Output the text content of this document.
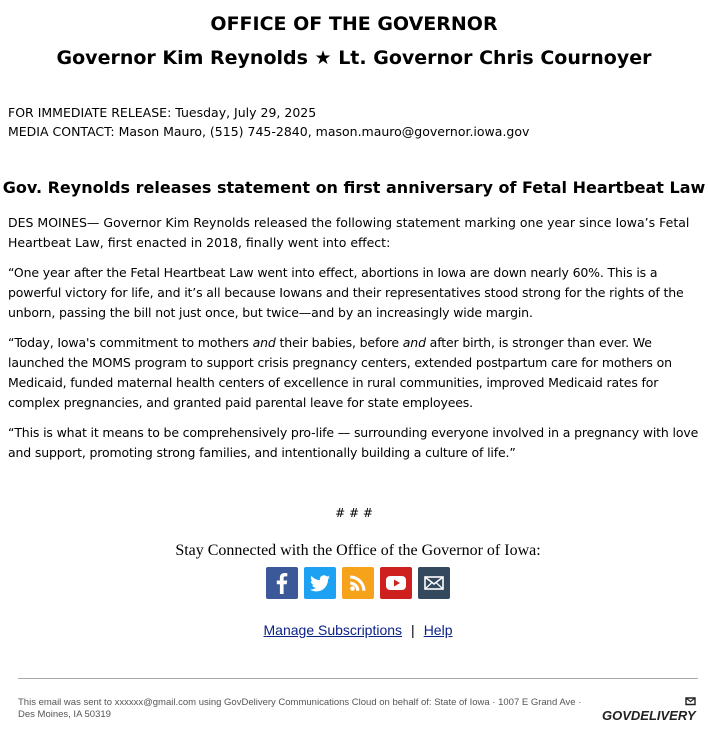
OFFICE OF THE GOVERNOR

Governor Kim Reynolds ★ Lt. Governor Chris Cournoyer

FOR IMMEDIATE RELEASE: Tuesday, July 29, 2025

MEDIA CONTACT: Mason Mauro, (515) 745-2840, mason.mauro@governor.iowa.gov

Gov. Reynolds releases statement on first anniversary of Fetal Heartbeat Law

DES MOINES— Governor Kim Reynolds released the following statement marking one year since Iowa’s Fetal Heartbeat Law, first enacted in 2018, finally went into effect:

“One year after the Fetal Heartbeat Law went into effect, abortions in Iowa are down nearly 60%. This is a powerful victory for life, and it’s all because Iowans and their representatives stood strong for the rights of the unborn, passing the bill not just once, but twice—and by an increasingly wide margin.

“Today, Iowa's commitment to mothers and their babies, before and after birth, is stronger than ever. We launched the MOMS program to support crisis pregnancy centers, extended postpartum care for mothers on Medicaid, funded maternal health centers of excellence in rural communities, improved Medicaid rates for complex pregnancies, and granted paid parental leave for state employees.

“This is what it means to be comprehensively pro-life — surrounding everyone involved in a pregnancy with love and support, promoting strong families, and intentionally building a culture of life.”

# # #

Stay Connected with the Office of the Governor of Iowa:

Manage Subscriptions | Help

This email was sent to xxxxxx@gmail.com using GovDelivery Communications Cloud on behalf of: State of Iowa · 1007 E Grand Ave · Des Moines, IA 50319	GOVDELIVERY
